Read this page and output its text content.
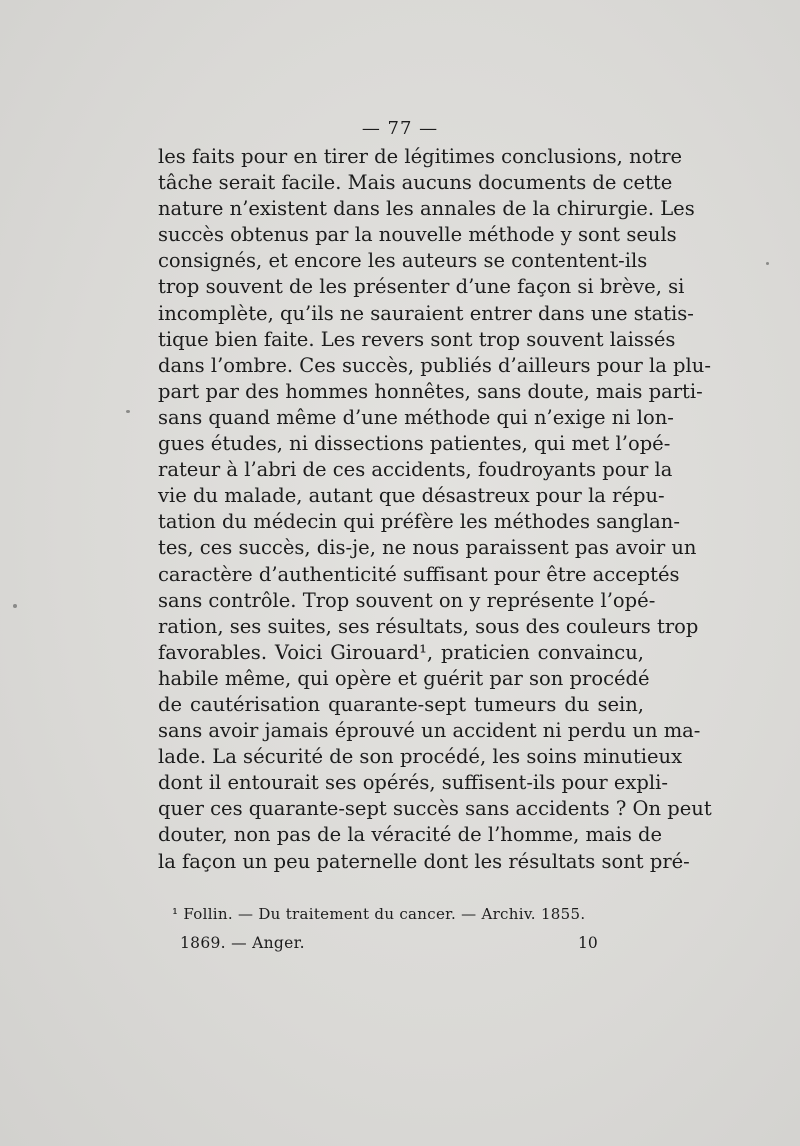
— 77 —
les faits pour en tirer de légitimes conclusions, notre
tâche serait facile. Mais aucuns documents de cette
nature n’existent dans les annales de la chirurgie. Les
succès obtenus par la nouvelle méthode y sont seuls
consignés, et encore les auteurs se contentent-ils
trop souvent de les présenter d’une façon si brève, si
incomplète, qu’ils ne sauraient entrer dans une statis-
tique bien faite. Les revers sont trop souvent laissés
dans l’ombre. Ces succès, publiés d’ailleurs pour la plu-
part par des hommes honnêtes, sans doute, mais parti-
sans quand même d’une méthode qui n’exige ni lon-
gues études, ni dissections patientes, qui met l’opé-
rateur à l’abri de ces accidents, foudroyants pour la
vie du malade, autant que désastreux pour la répu-
tation du médecin qui préfère les méthodes sanglan-
tes, ces succès, dis-je, ne nous paraissent pas avoir un
caractère d’authenticité suffisant pour être acceptés
sans contrôle. Trop souvent on y représente l’opé-
ration, ses suites, ses résultats, sous des couleurs trop
favorables. Voici Girouard¹, praticien convaincu,
habile même, qui opère et guérit par son procédé
de cautérisation quarante-sept tumeurs du sein,
sans avoir jamais éprouvé un accident ni perdu un ma-
lade. La sécurité de son procédé, les soins minutieux
dont il entourait ses opérés, suffisent-ils pour expli-
quer ces quarante-sept succès sans accidents ? On peut
douter, non pas de la véracité de l’homme, mais de
la façon un peu paternelle dont les résultats sont pré-
¹ Follin. — Du traitement du cancer. — Archiv. 1855.
1869. — Anger.	10
